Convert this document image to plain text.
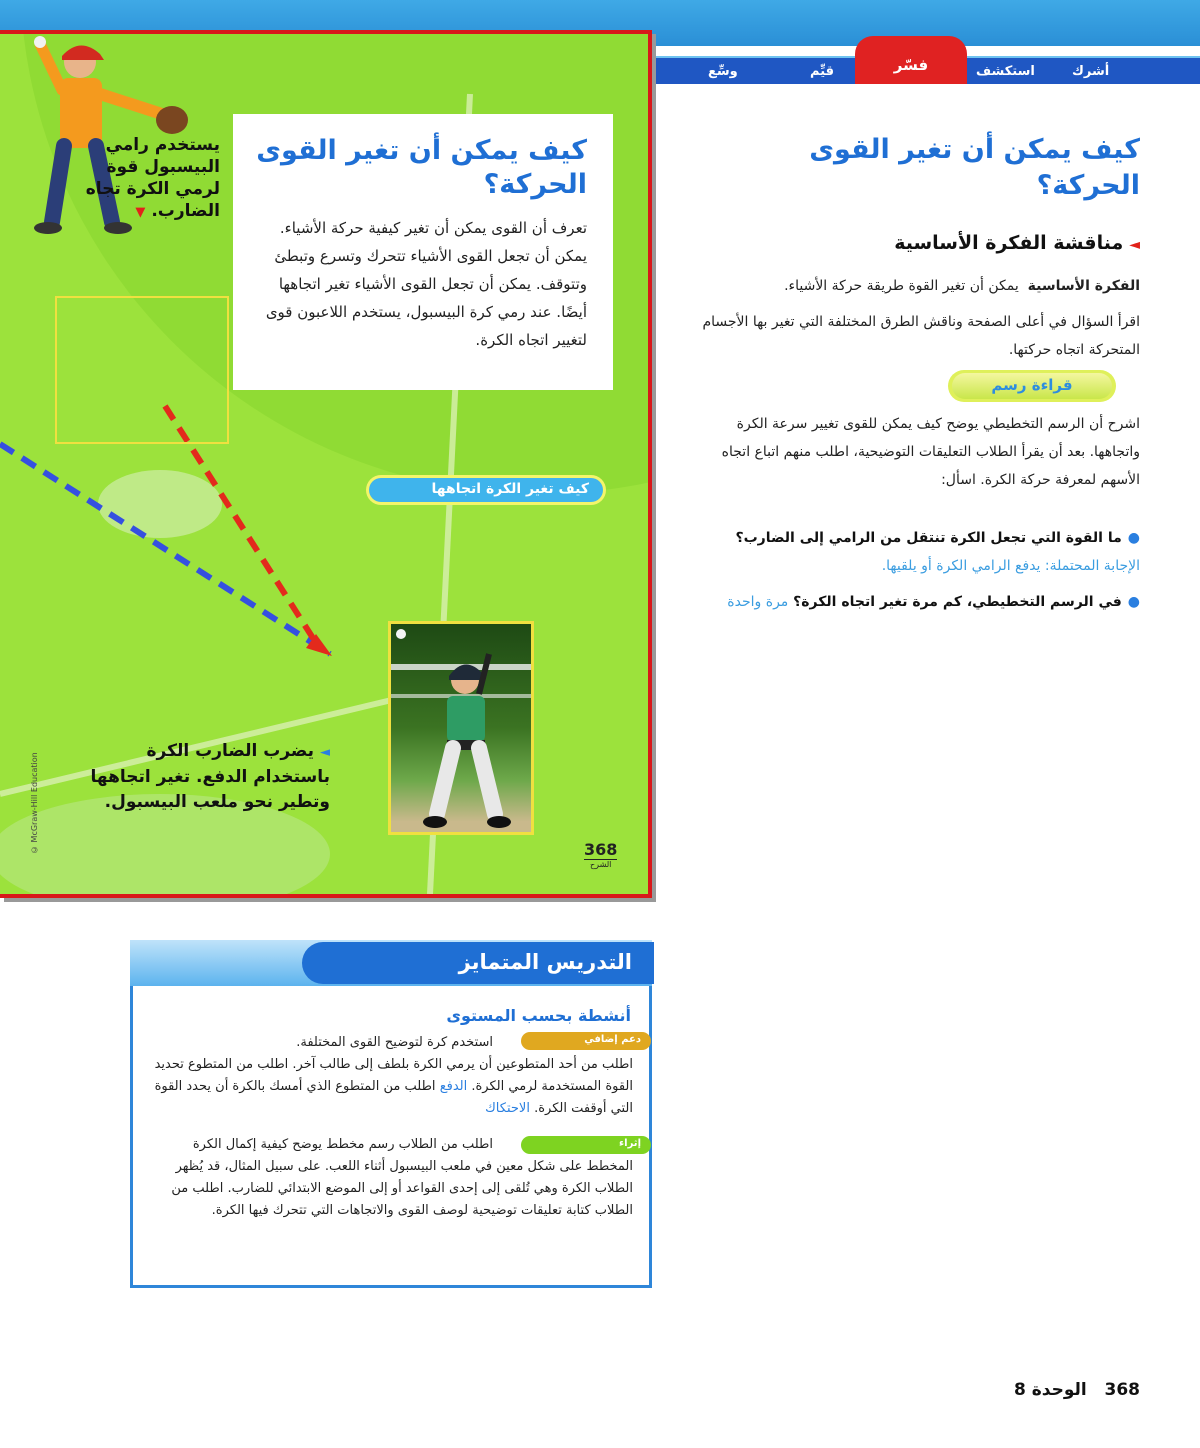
أشرك
استكشف
قيِّم
وسِّع	فسّر
يستخدم رامي البيسبول قوة لرمي الكرة تجاه الضارب. ▼
كيف يمكن أن تغير القوى الحركة؟

تعرف أن القوى يمكن أن تغير كيفية حركة الأشياء. يمكن أن تجعل القوى الأشياء تتحرك وتسرع وتبطئ وتتوقف. يمكن أن تجعل القوى الأشياء تغير اتجاهها أيضًا. عند رمي كرة البيسبول، يستخدم اللاعبون قوى لتغيير اتجاه الكرة.

كيف تغير الكرة اتجاهها
◄ يضرب الضارب الكرة باستخدام الدفع. تغير اتجاهها وتطير نحو ملعب البيسبول.
© McGraw-Hill Education	368
الشرح
كيف يمكن أن تغير القوى الحركة؟
◄مناقشة الفكرة الأساسية
الفكرة الأساسية  يمكن أن تغير القوة طريقة حركة الأشياء.
اقرأ السؤال في أعلى الصفحة وناقش الطرق المختلفة التي تغير بها الأجسام المتحركة اتجاه حركتها.
قراءة رسم
اشرح أن الرسم التخطيطي يوضح كيف يمكن للقوى تغيير سرعة الكرة واتجاهها. بعد أن يقرأ الطلاب التعليقات التوضيحية، اطلب منهم اتباع اتجاه الأسهم لمعرفة حركة الكرة. اسأل:
●ما القوة التي تجعل الكرة تنتقل من الرامي إلى الضارب؟ الإجابة المحتملة: يدفع الرامي الكرة أو يلقيها.
●في الرسم التخطيطي، كم مرة تغير اتجاه الكرة؟ مرة واحدة
التدريس المتمايز
أنشطة بحسب المستوى
دعم إضافي
استخدم كرة لتوضيح القوى المختلفة.
اطلب من أحد المتطوعين أن يرمي الكرة بلطف إلى طالب آخر. اطلب من المتطوع تحديد القوة المستخدمة لرمي الكرة. الدفع اطلب من المتطوع الذي أمسك بالكرة أن يحدد القوة التي أوقفت الكرة. الاحتكاك
إثراء
اطلب من الطلاب رسم مخطط يوضح كيفية إكمال الكرة المخطط على شكل معين في ملعب البيسبول أثناء اللعب. على سبيل المثال، قد يُظهر الطلاب الكرة وهي تُلقى إلى إحدى القواعد أو إلى الموضع الابتدائي للضارب. اطلب من الطلاب كتابة تعليقات توضيحية لوصف القوى والاتجاهات التي تتحرك فيها الكرة.
368   الوحدة 8
